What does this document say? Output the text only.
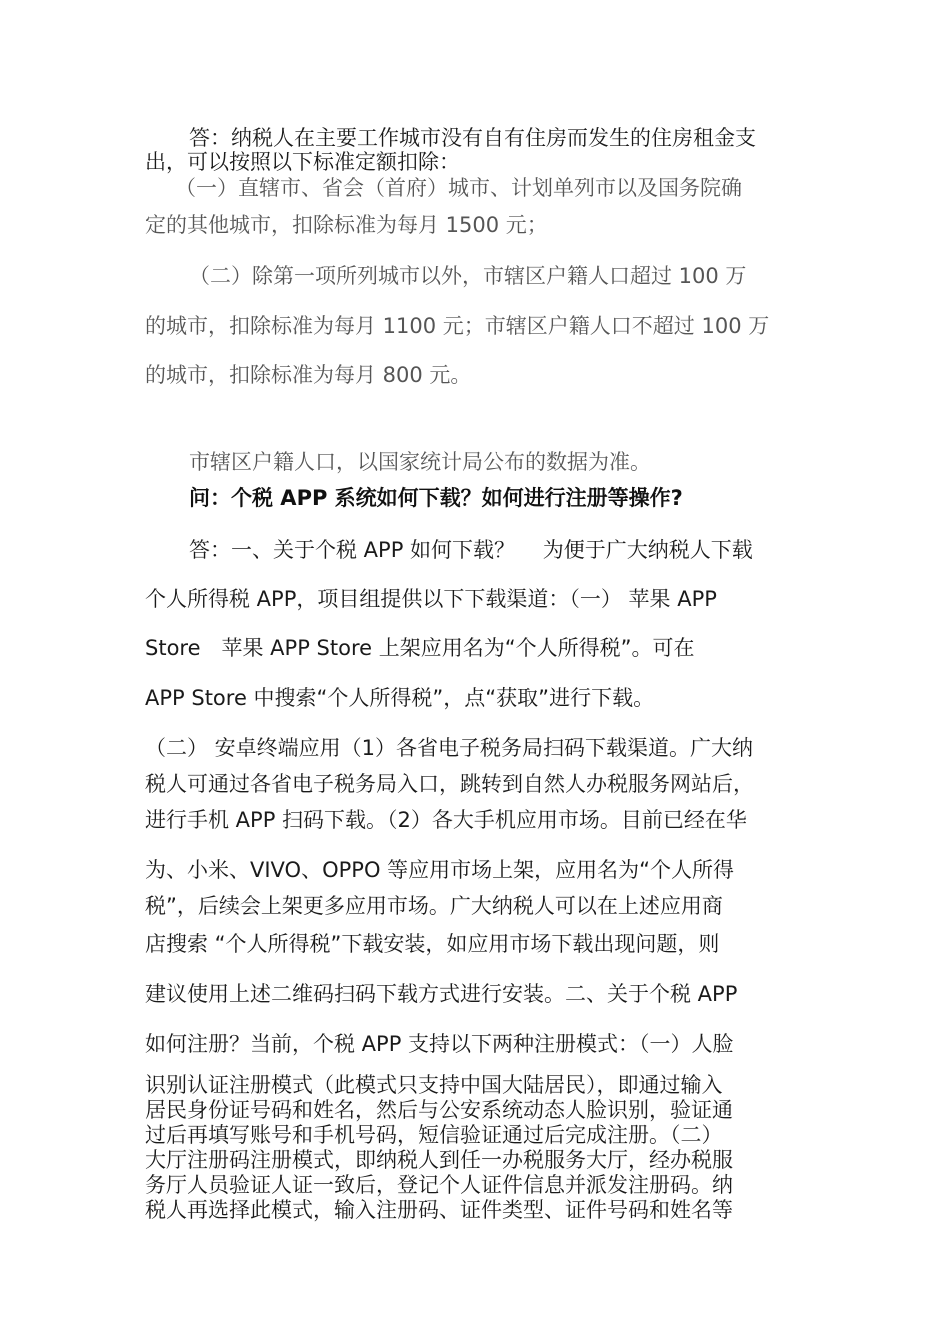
答：纳税人在主要工作城市没有自有住房而发生的住房租金支
出，可以按照以下标准定额扣除：
（一）直辖市、省会（首府）城市、计划单列市以及国务院确
定的其他城市，扣除标准为每月 1500 元；
（二）除第一项所列城市以外，市辖区户籍人口超过 100 万
的城市，扣除标准为每月 1100 元；市辖区户籍人口不超过 100 万
的城市，扣除标准为每月 800 元。
市辖区户籍人口，以国家统计局公布的数据为准。
问：个税 APP 系统如何下载？如何进行注册等操作?
答：一、关于个税 APP 如何下载？　 为便于广大纳税人下载
个人所得税 APP，项目组提供以下下载渠道：（一） 苹果 APP
Store　苹果 APP Store 上架应用名为“个人所得税”。可在
APP Store 中搜索“个人所得税”，点“获取”进行下载。
（二） 安卓终端应用（1）各省电子税务局扫码下载渠道。广大纳
税人可通过各省电子税务局入口，跳转到自然人办税服务网站后，
进行手机 APP 扫码下载。（2）各大手机应用市场。目前已经在华
为、小米、VIVO、OPPO 等应用市场上架，应用名为“个人所得
税”，后续会上架更多应用市场。广大纳税人可以在上述应用商
店搜索 “个人所得税”下载安装，如应用市场下载出现问题，则
建议使用上述二维码扫码下载方式进行安装。二、关于个税 APP
如何注册？当前，个税 APP 支持以下两种注册模式：（一）人脸
识别认证注册模式（此模式只支持中国大陆居民），即通过输入
居民身份证号码和姓名，然后与公安系统动态人脸识别，验证通
过后再填写账号和手机号码，短信验证通过后完成注册。（二）
大厅注册码注册模式，即纳税人到任一办税服务大厅，经办税服
务厅人员验证人证一致后，登记个人证件信息并派发注册码。纳
税人再选择此模式，输入注册码、证件类型、证件号码和姓名等
